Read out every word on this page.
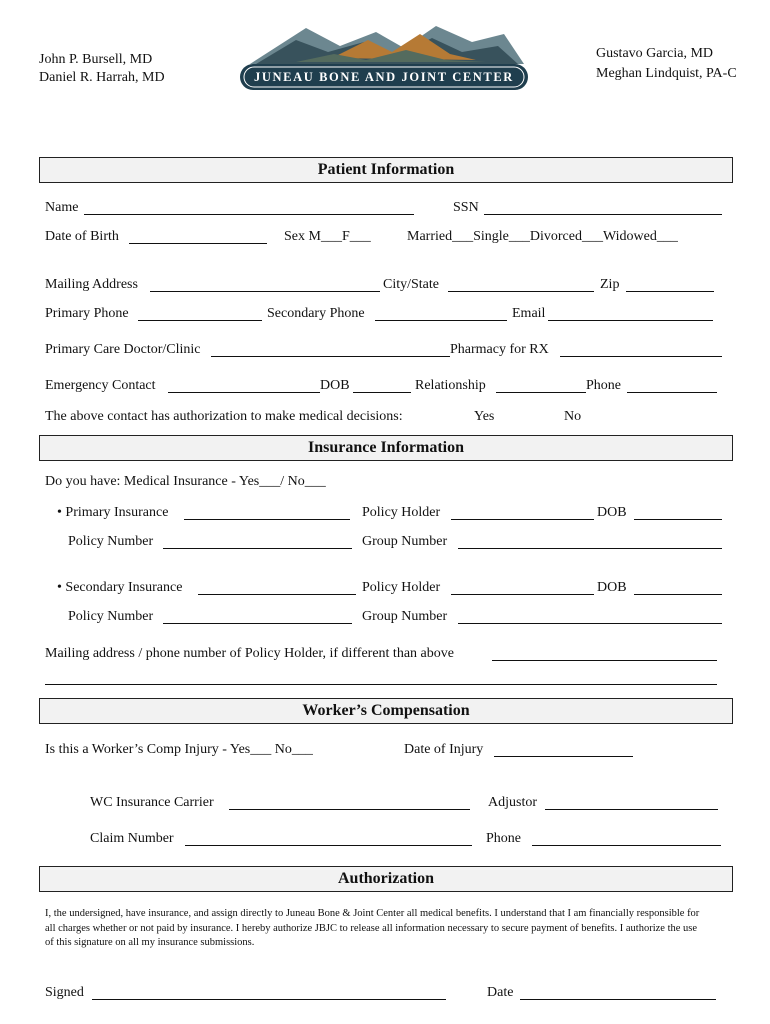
John P. Bursell, MD
Daniel R. Harrah, MD
Gustavo Garcia, MD
Meghan Lindquist, PA-C
JUNEAU BONE AND JOINT CENTER
Patient Information
Name	SSN
Date of Birth	Sex M___F___	Married___Single___Divorced___Widowed___
Mailing Address	City/State	Zip
Primary Phone	Secondary Phone	Email
Primary Care Doctor/Clinic	Pharmacy for RX
Emergency Contact	DOB	Relationship	Phone
The above contact has authorization to make medical decisions:	Yes	No
Insurance Information
Do you have: Medical Insurance - Yes___/ No___
• Primary Insurance	Policy Holder	DOB
Policy Number	Group Number
• Secondary Insurance	Policy Holder	DOB
Policy Number	Group Number
Mailing address / phone number of Policy Holder, if different than above
Worker’s Compensation
Is this a Worker’s Comp Injury - Yes___ No___	Date of Injury
WC Insurance Carrier	Adjustor
Claim Number	Phone
Authorization
I, the undersigned, have insurance, and assign directly to Juneau Bone & Joint Center all medical benefits. I understand that I am financially responsible for all charges whether or not paid by insurance. I hereby authorize JBJC to release all information necessary to secure payment of benefits. I authorize the use of this signature on all my insurance submissions.
Signed	Date
